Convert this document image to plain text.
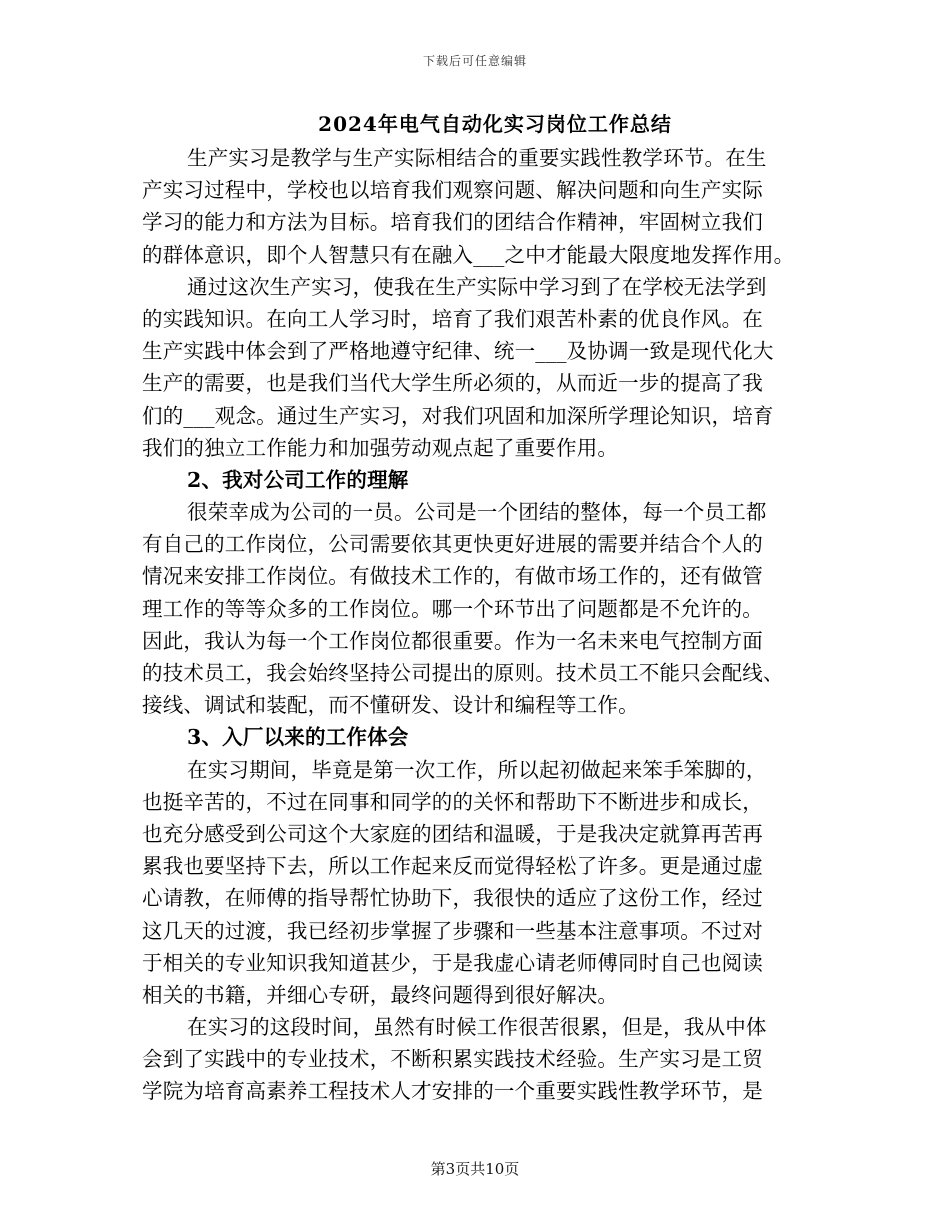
下载后可任意编辑
2024年电气自动化实习岗位工作总结
生产实习是教学与生产实际相结合的重要实践性教学环节。在生
产实习过程中，学校也以培育我们观察问题、解决问题和向生产实际
学习的能力和方法为目标。培育我们的团结合作精神，牢固树立我们
的群体意识，即个人智慧只有在融入___之中才能最大限度地发挥作用。
通过这次生产实习，使我在生产实际中学习到了在学校无法学到
的实践知识。在向工人学习时，培育了我们艰苦朴素的优良作风。在
生产实践中体会到了严格地遵守纪律、统一___及协调一致是现代化大
生产的需要，也是我们当代大学生所必须的，从而近一步的提高了我
们的___观念。通过生产实习，对我们巩固和加深所学理论知识，培育
我们的独立工作能力和加强劳动观点起了重要作用。
2、我对公司工作的理解
很荣幸成为公司的一员。公司是一个团结的整体，每一个员工都
有自己的工作岗位，公司需要依其更快更好进展的需要并结合个人的
情况来安排工作岗位。有做技术工作的，有做市场工作的，还有做管
理工作的等等众多的工作岗位。哪一个环节出了问题都是不允许的。
因此，我认为每一个工作岗位都很重要。作为一名未来电气控制方面
的技术员工，我会始终坚持公司提出的原则。技术员工不能只会配线、
接线、调试和装配，而不懂研发、设计和编程等工作。
3、入厂以来的工作体会
在实习期间，毕竟是第一次工作，所以起初做起来笨手笨脚的，
也挺辛苦的，不过在同事和同学的的关怀和帮助下不断进步和成长，
也充分感受到公司这个大家庭的团结和温暖，于是我决定就算再苦再
累我也要坚持下去，所以工作起来反而觉得轻松了许多。更是通过虚
心请教，在师傅的指导帮忙协助下，我很快的适应了这份工作，经过
这几天的过渡，我已经初步掌握了步骤和一些基本注意事项。不过对
于相关的专业知识我知道甚少，于是我虚心请老师傅同时自己也阅读
相关的书籍，并细心专研，最终问题得到很好解决。
在实习的这段时间，虽然有时候工作很苦很累，但是，我从中体
会到了实践中的专业技术，不断积累实践技术经验。生产实习是工贸
学院为培育高素养工程技术人才安排的一个重要实践性教学环节，是
第3页共10页
